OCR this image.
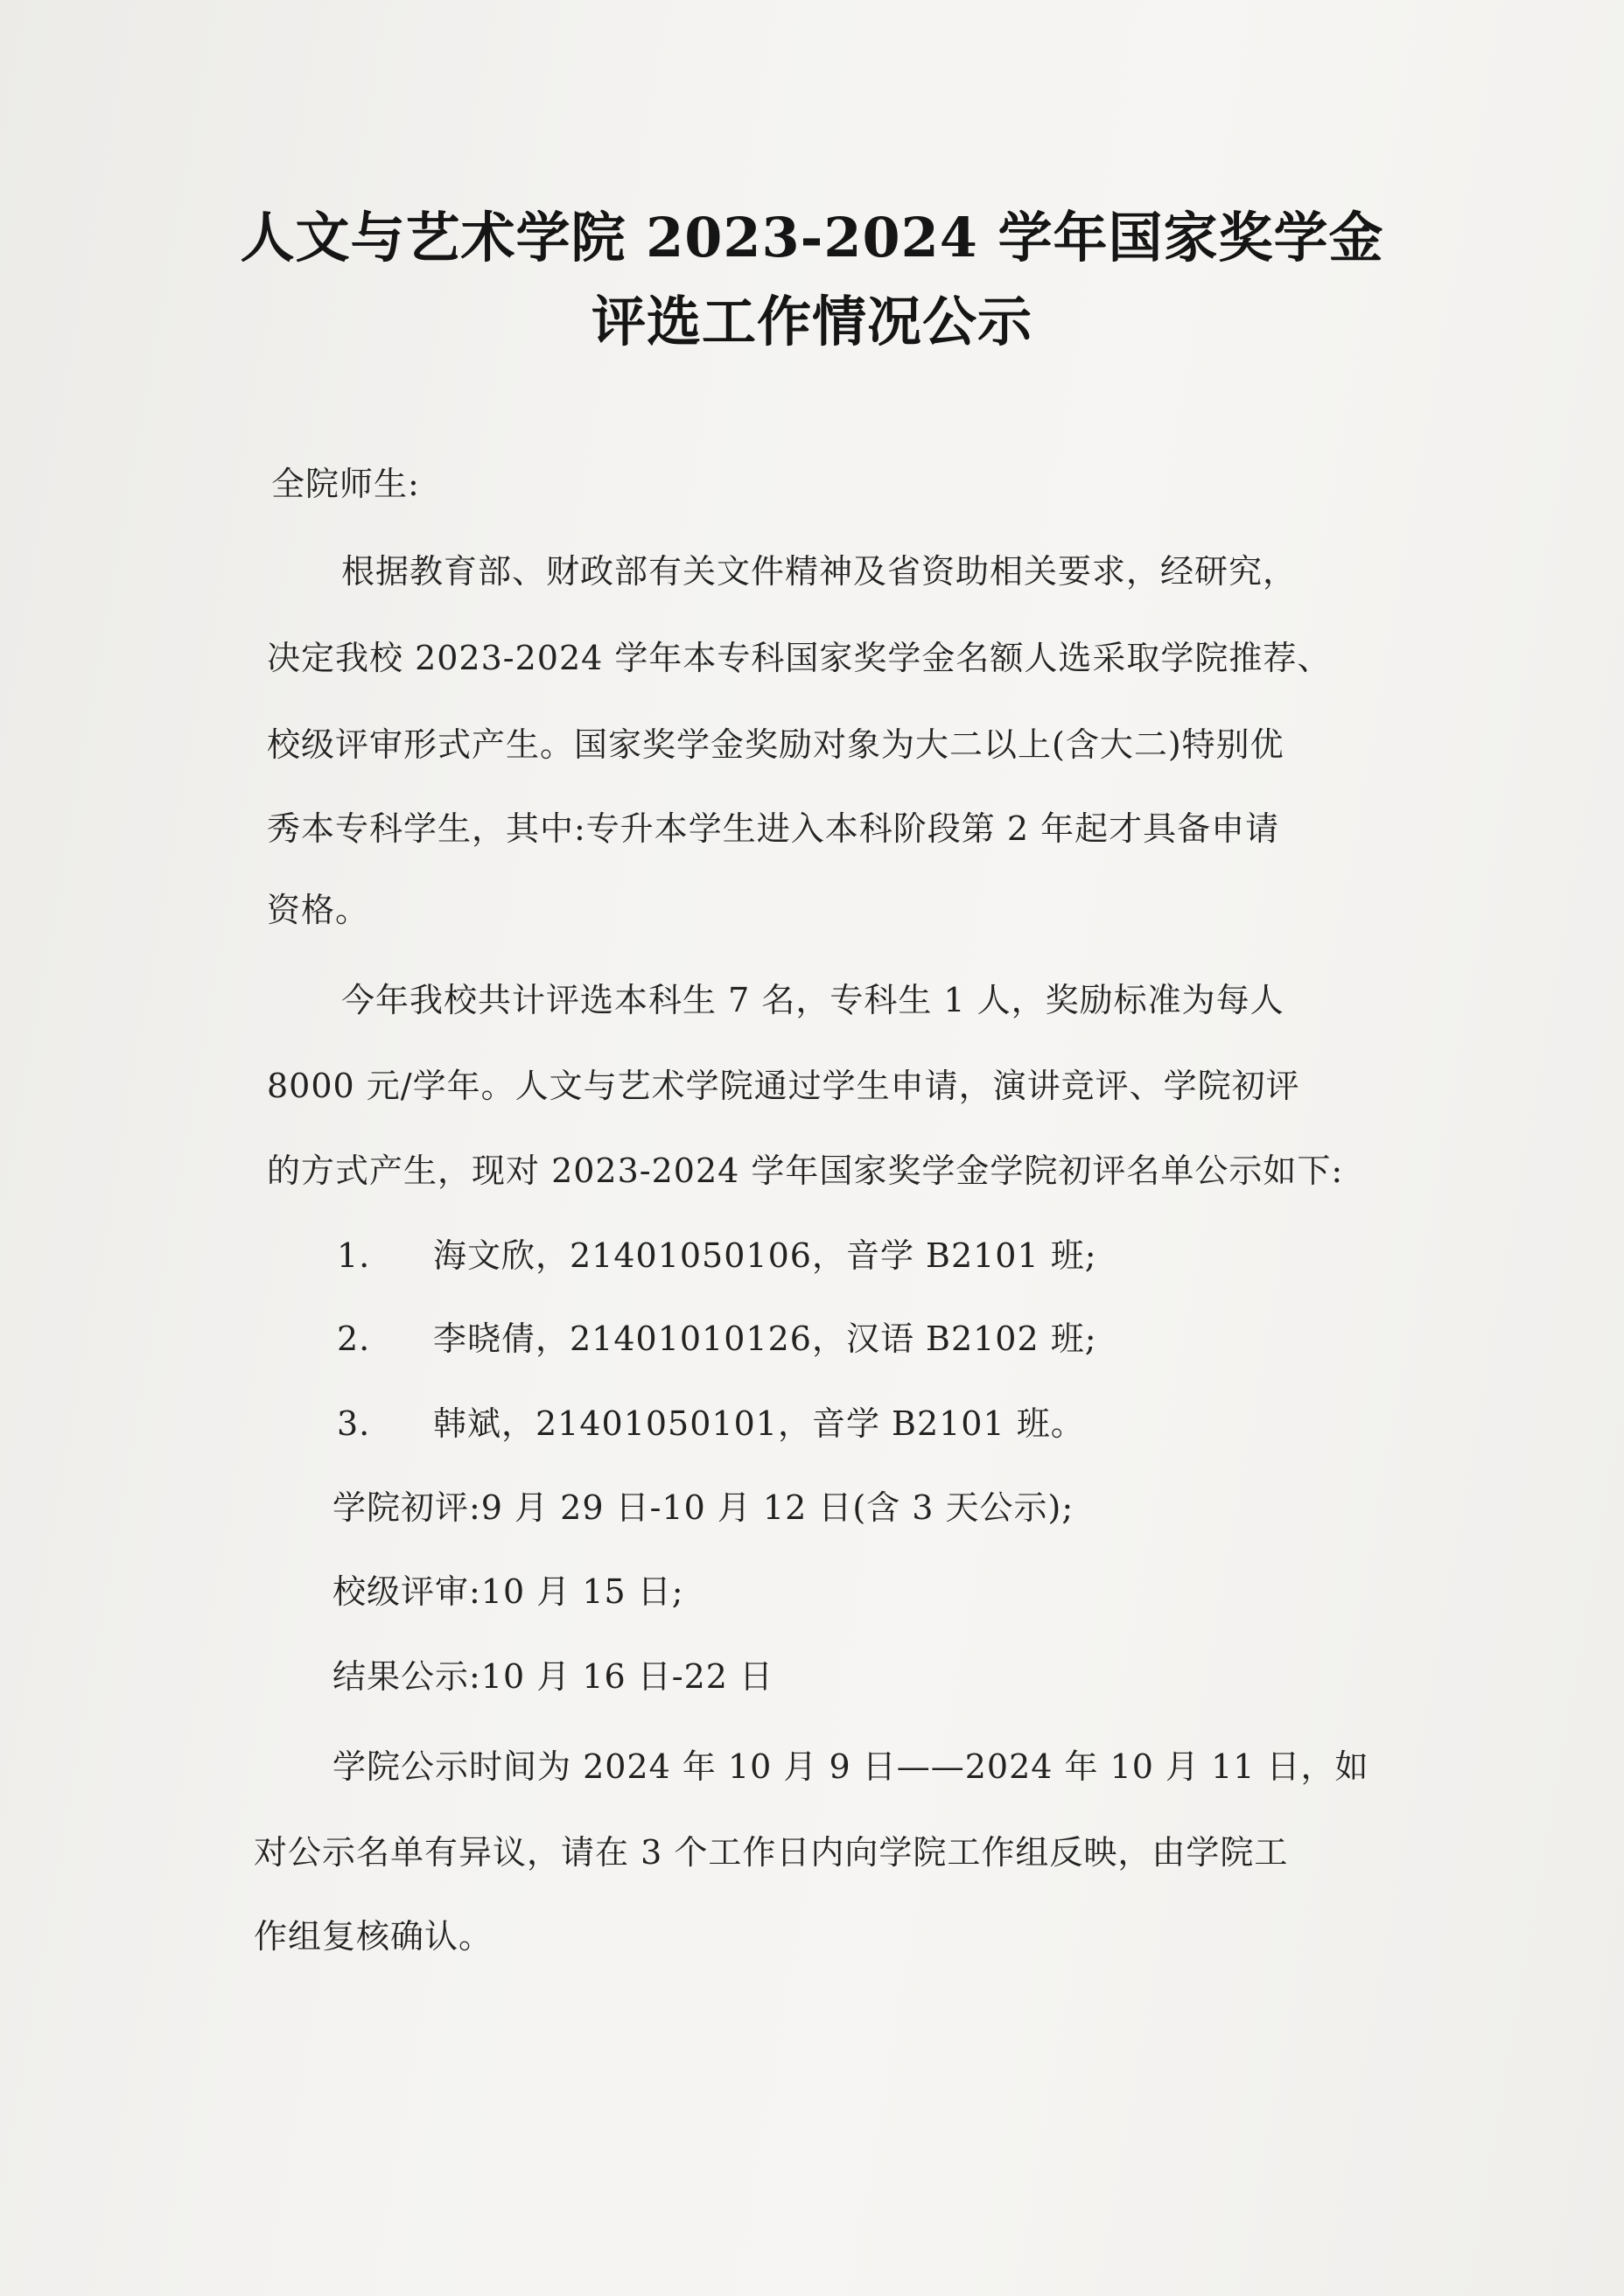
人文与艺术学院 2023-2024 学年国家奖学金
评选工作情况公示
全院师生:
根据教育部、财政部有关文件精神及省资助相关要求，经研究，
决定我校 2023-2024 学年本专科国家奖学金名额人选采取学院推荐、
校级评审形式产生。国家奖学金奖励对象为大二以上(含大二)特别优
秀本专科学生，其中:专升本学生进入本科阶段第 2 年起才具备申请
资格。
今年我校共计评选本科生 7 名，专科生 1 人，奖励标准为每人
8000 元/学年。人文与艺术学院通过学生申请，演讲竞评、学院初评
的方式产生，现对 2023-2024 学年国家奖学金学院初评名单公示如下:
1. 海文欣，21401050106，音学 B2101 班;
2. 李晓倩，21401010126，汉语 B2102 班;
3. 韩斌，21401050101，音学 B2101 班。
学院初评:9 月 29 日-10 月 12 日(含 3 天公示);
校级评审:10 月 15 日;
结果公示:10 月 16 日-22 日
学院公示时间为 2024 年 10 月 9 日——2024 年 10 月 11 日，如
对公示名单有异议，请在 3 个工作日内向学院工作组反映，由学院工
作组复核确认。
